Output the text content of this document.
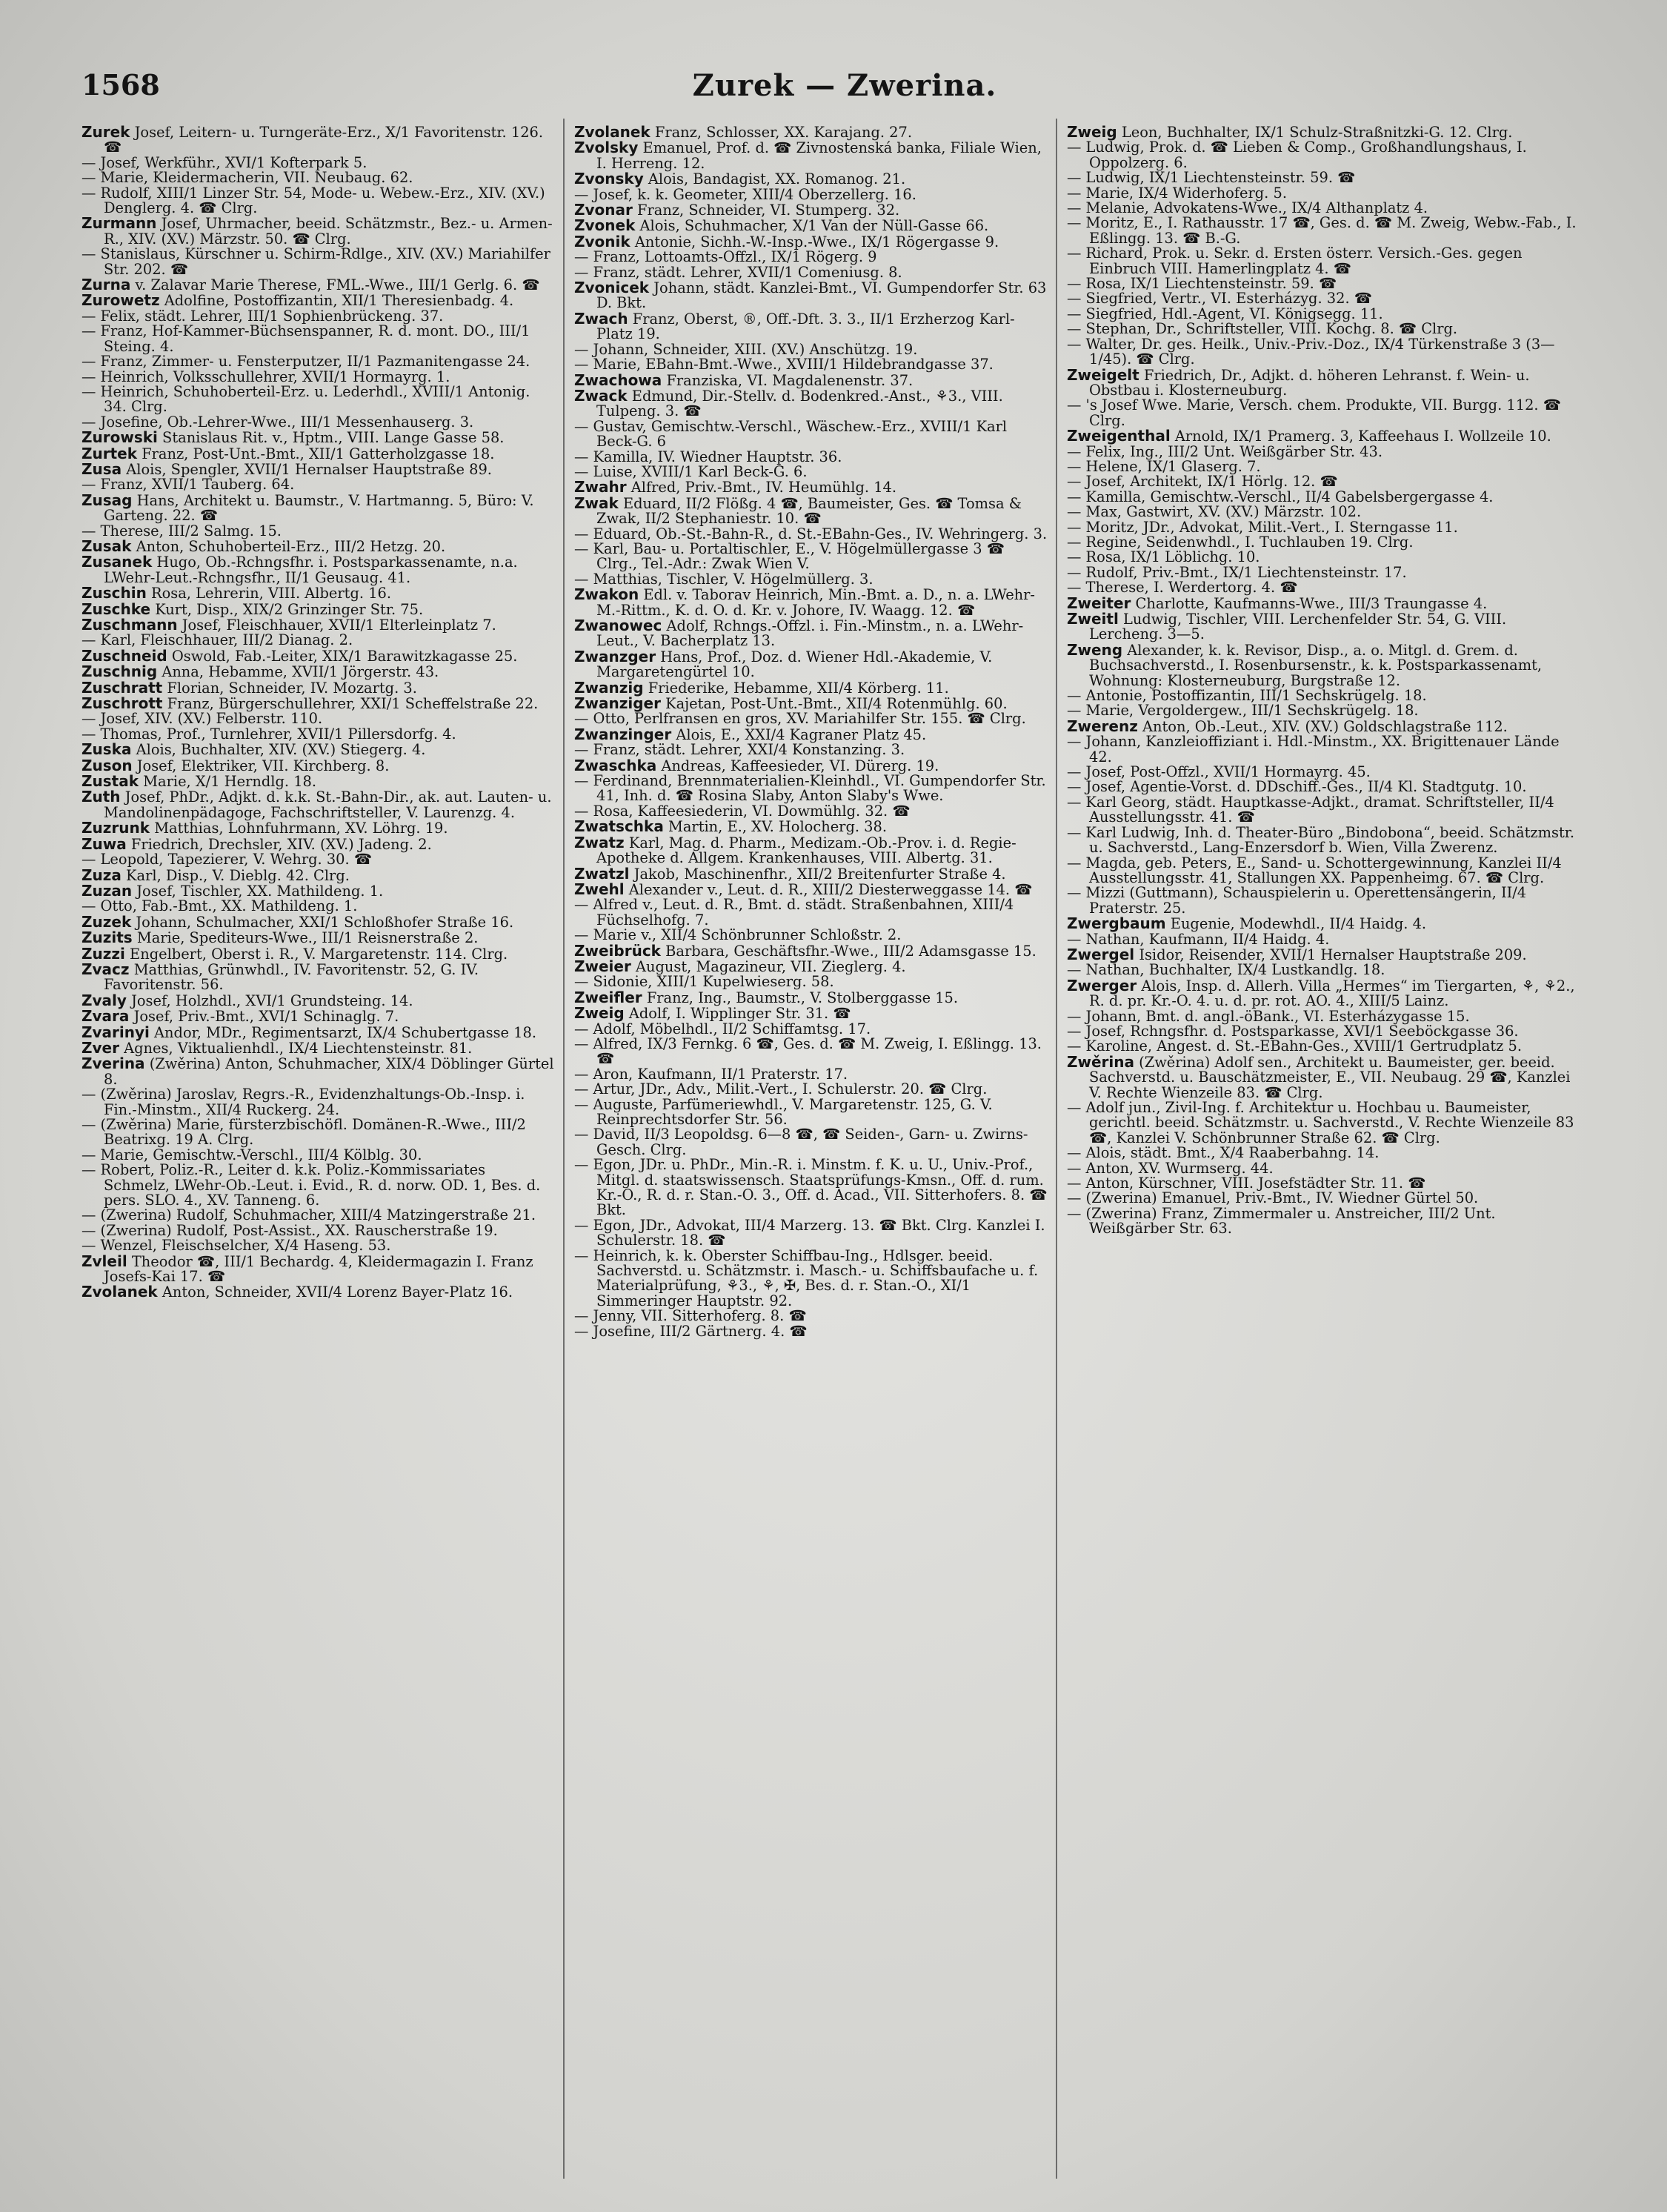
1568	Zurek — Zwerina.

Zurek Josef, Leitern- u. Turngeräte-Erz., X/1 Favoritenstr. 126. ☎

— Josef, Werkführ., XVI/1 Kofterpark 5.

— Marie, Kleidermacherin, VII. Neubaug. 62.

— Rudolf, XIII/1 Linzer Str. 54, Mode- u. Webew.-Erz., XIV. (XV.) Denglerg. 4. ☎ Clrg.

Zurmann Josef, Uhrmacher, beeid. Schätzmstr., Bez.- u. Armen-R., XIV. (XV.) Märzstr. 50. ☎ Clrg.

— Stanislaus, Kürschner u. Schirm-Rdlge., XIV. (XV.) Mariahilfer Str. 202. ☎

Zurna v. Zalavar Marie Therese, FML.-Wwe., III/1 Gerlg. 6. ☎

Zurowetz Adolfine, Postoffizantin, XII/1 Theresienbadg. 4.

— Felix, städt. Lehrer, III/1 Sophienbrückeng. 37.

— Franz, Hof-Kammer-Büchsenspanner, R. d. mont. DO., III/1 Steing. 4.

— Franz, Zimmer- u. Fensterputzer, II/1 Pazmanitengasse 24.

— Heinrich, Volksschullehrer, XVII/1 Hormayrg. 1.

— Heinrich, Schuhoberteil-Erz. u. Lederhdl., XVIII/1 Antonig. 34. Clrg.

— Josefine, Ob.-Lehrer-Wwe., III/1 Messenhauserg. 3.

Zurowski Stanislaus Rit. v., Hptm., VIII. Lange Gasse 58.

Zurtek Franz, Post-Unt.-Bmt., XII/1 Gatterholzgasse 18.

Zusa Alois, Spengler, XVII/1 Hernalser Hauptstraße 89.

— Franz, XVII/1 Tauberg. 64.

Zusag Hans, Architekt u. Baumstr., V. Hartmanng. 5, Büro: V. Garteng. 22. ☎

— Therese, III/2 Salmg. 15.

Zusak Anton, Schuhoberteil-Erz., III/2 Hetzg. 20.

Zusanek Hugo, Ob.-Rchngsfhr. i. Postsparkassenamte, n.a. LWehr-Leut.-Rchngsfhr., II/1 Geusaug. 41.

Zuschin Rosa, Lehrerin, VIII. Albertg. 16.

Zuschke Kurt, Disp., XIX/2 Grinzinger Str. 75.

Zuschmann Josef, Fleischhauer, XVII/1 Elterleinplatz 7.

— Karl, Fleischhauer, III/2 Dianag. 2.

Zuschneid Oswold, Fab.-Leiter, XIX/1 Barawitzkagasse 25.

Zuschnig Anna, Hebamme, XVII/1 Jörgerstr. 43.

Zuschratt Florian, Schneider, IV. Mozartg. 3.

Zuschrott Franz, Bürgerschullehrer, XXI/1 Scheffelstraße 22.

— Josef, XIV. (XV.) Felberstr. 110.

— Thomas, Prof., Turnlehrer, XVII/1 Pillersdorfg. 4.

Zuska Alois, Buchhalter, XIV. (XV.) Stiegerg. 4.

Zuson Josef, Elektriker, VII. Kirchberg. 8.

Zustak Marie, X/1 Herndlg. 18.

Zuth Josef, PhDr., Adjkt. d. k.k. St.-Bahn-Dir., ak. aut. Lauten- u. Mandolinenpädagoge, Fachschriftsteller, V. Laurenzg. 4.

Zuzrunk Matthias, Lohnfuhrmann, XV. Löhrg. 19.

Zuwa Friedrich, Drechsler, XIV. (XV.) Jadeng. 2.

— Leopold, Tapezierer, V. Wehrg. 30. ☎

Zuza Karl, Disp., V. Dieblg. 42. Clrg.

Zuzan Josef, Tischler, XX. Mathildeng. 1.

— Otto, Fab.-Bmt., XX. Mathildeng. 1.

Zuzek Johann, Schulmacher, XXI/1 Schloßhofer Straße 16.

Zuzits Marie, Spediteurs-Wwe., III/1 Reisnerstraße 2.

Zuzzi Engelbert, Oberst i. R., V. Margaretenstr. 114. Clrg.

Zvacz Matthias, Grünwhdl., IV. Favoritenstr. 52, G. IV. Favoritenstr. 56.

Zvaly Josef, Holzhdl., XVI/1 Grundsteing. 14.

Zvara Josef, Priv.-Bmt., XVI/1 Schinaglg. 7.

Zvarinyi Andor, MDr., Regimentsarzt, IX/4 Schubertgasse 18.

Zver Agnes, Viktualienhdl., IX/4 Liechtensteinstr. 81.

Zverina (Zwěrina) Anton, Schuhmacher, XIX/4 Döblinger Gürtel 8.

— (Zwěrina) Jaroslav, Regrs.-R., Evidenzhaltungs-Ob.-Insp. i. Fin.-Minstm., XII/4 Ruckerg. 24.

— (Zwěrina) Marie, fürsterzbischöfl. Domänen-R.-Wwe., III/2 Beatrixg. 19 A. Clrg.

— Marie, Gemischtw.-Verschl., III/4 Kölblg. 30.

— Robert, Poliz.-R., Leiter d. k.k. Poliz.-Kommissariates Schmelz, LWehr-Ob.-Leut. i. Evid., R. d. norw. OD. 1, Bes. d. pers. SLO. 4., XV. Tanneng. 6.

— (Zwerina) Rudolf, Schuhmacher, XIII/4 Matzingerstraße 21.

— (Zwerina) Rudolf, Post-Assist., XX. Rauscherstraße 19.

— Wenzel, Fleischselcher, X/4 Haseng. 53.

Zvleil Theodor ☎, III/1 Bechardg. 4, Kleidermagazin I. Franz Josefs-Kai 17. ☎

Zvolanek Anton, Schneider, XVII/4 Lorenz Bayer-Platz 16.

Zvolanek Franz, Schlosser, XX. Karajang. 27.

Zvolsky Emanuel, Prof. d. ☎ Zivnostenská banka, Filiale Wien, I. Herreng. 12.

Zvonsky Alois, Bandagist, XX. Romanog. 21.

— Josef, k. k. Geometer, XIII/4 Oberzellerg. 16.

Zvonar Franz, Schneider, VI. Stumperg. 32.

Zvonek Alois, Schuhmacher, X/1 Van der Nüll-Gasse 66.

Zvonik Antonie, Sichh.-W.-Insp.-Wwe., IX/1 Rögergasse 9.

— Franz, Lottoamts-Offzl., IX/1 Rögerg. 9

— Franz, städt. Lehrer, XVII/1 Comeniusg. 8.

Zvonicek Johann, städt. Kanzlei-Bmt., VI. Gumpendorfer Str. 63 D. Bkt.

Zwach Franz, Oberst, ®, Off.-Dft. 3. 3., II/1 Erzherzog Karl-Platz 19.

— Johann, Schneider, XIII. (XV.) Anschützg. 19.

— Marie, EBahn-Bmt.-Wwe., XVIII/1 Hildebrandgasse 37.

Zwachowa Franziska, VI. Magdalenenstr. 37.

Zwack Edmund, Dir.-Stellv. d. Bodenkred.-Anst., ⚘3., VIII. Tulpeng. 3. ☎

— Gustav, Gemischtw.-Verschl., Wäschew.-Erz., XVIII/1 Karl Beck-G. 6

— Kamilla, IV. Wiedner Hauptstr. 36.

— Luise, XVIII/1 Karl Beck-G. 6.

Zwahr Alfred, Priv.-Bmt., IV. Heumühlg. 14.

Zwak Eduard, II/2 Flößg. 4 ☎, Baumeister, Ges. ☎ Tomsa & Zwak, II/2 Stephaniestr. 10. ☎

— Eduard, Ob.-St.-Bahn-R., d. St.-EBahn-Ges., IV. Wehringerg. 3.

— Karl, Bau- u. Portaltischler, E., V. Högelmüllergasse 3 ☎ Clrg., Tel.-Adr.: Zwak Wien V.

— Matthias, Tischler, V. Högelmüllerg. 3.

Zwakon Edl. v. Taborav Heinrich, Min.-Bmt. a. D., n. a. LWehr-M.-Rittm., K. d. O. d. Kr. v. Johore, IV. Waagg. 12. ☎

Zwanowec Adolf, Rchngs.-Offzl. i. Fin.-Minstm., n. a. LWehr-Leut., V. Bacherplatz 13.

Zwanzger Hans, Prof., Doz. d. Wiener Hdl.-Akademie, V. Margaretengürtel 10.

Zwanzig Friederike, Hebamme, XII/4 Körberg. 11.

Zwanziger Kajetan, Post-Unt.-Bmt., XII/4 Rotenmühlg. 60.

— Otto, Perlfransen en gros, XV. Mariahilfer Str. 155. ☎ Clrg.

Zwanzinger Alois, E., XXI/4 Kagraner Platz 45.

— Franz, städt. Lehrer, XXI/4 Konstanzing. 3.

Zwaschka Andreas, Kaffeesieder, VI. Dürerg. 19.

— Ferdinand, Brennmaterialien-Kleinhdl., VI. Gumpendorfer Str. 41, Inh. d. ☎ Rosina Slaby, Anton Slaby's Wwe.

— Rosa, Kaffeesiederin, VI. Dowmühlg. 32. ☎

Zwatschka Martin, E., XV. Holocherg. 38.

Zwatz Karl, Mag. d. Pharm., Medizam.-Ob.-Prov. i. d. Regie-Apotheke d. Allgem. Krankenhauses, VIII. Albertg. 31.

Zwatzl Jakob, Maschinenfhr., XII/2 Breitenfurter Straße 4.

Zwehl Alexander v., Leut. d. R., XIII/2 Diesterweggasse 14. ☎

— Alfred v., Leut. d. R., Bmt. d. städt. Straßenbahnen, XIII/4 Füchselhofg. 7.

— Marie v., XII/4 Schönbrunner Schloßstr. 2.

Zweibrück Barbara, Geschäftsfhr.-Wwe., III/2 Adamsgasse 15.

Zweier August, Magazineur, VII. Zieglerg. 4.

— Sidonie, XIII/1 Kupelwieserg. 58.

Zweifler Franz, Ing., Baumstr., V. Stolberggasse 15.

Zweig Adolf, I. Wipplinger Str. 31. ☎

— Adolf, Möbelhdl., II/2 Schiffamtsg. 17.

— Alfred, IX/3 Fernkg. 6 ☎, Ges. d. ☎ M. Zweig, I. Eßlingg. 13. ☎

— Aron, Kaufmann, II/1 Praterstr. 17.

— Artur, JDr., Adv., Milit.-Vert., I. Schulerstr. 20. ☎ Clrg.

— Auguste, Parfümeriewhdl., V. Margaretenstr. 125, G. V. Reinprechtsdorfer Str. 56.

— David, II/3 Leopoldsg. 6—8 ☎, ☎ Seiden-, Garn- u. Zwirns-Gesch. Clrg.

— Egon, JDr. u. PhDr., Min.-R. i. Minstm. f. K. u. U., Univ.-Prof., Mitgl. d. staatswissensch. Staatsprüfungs-Kmsn., Off. d. rum. Kr.-O., R. d. r. Stan.-O. 3., Off. d. Acad., VII. Sitterhofers. 8. ☎ Bkt.

— Egon, JDr., Advokat, III/4 Marzerg. 13. ☎ Bkt. Clrg. Kanzlei I. Schulerstr. 18. ☎

— Heinrich, k. k. Oberster Schiffbau-Ing., Hdlsger. beeid. Sachverstd. u. Schätzmstr. i. Masch.- u. Schiffsbaufache u. f. Materialprüfung, ⚘3., ⚘, ✠, Bes. d. r. Stan.-O., XI/1 Simmeringer Hauptstr. 92.

— Jenny, VII. Sitterhoferg. 8. ☎

— Josefine, III/2 Gärtnerg. 4. ☎

Zweig Leon, Buchhalter, IX/1 Schulz-Straßnitzki-G. 12. Clrg.

— Ludwig, Prok. d. ☎ Lieben & Comp., Großhandlungshaus, I. Oppolzerg. 6.

— Ludwig, IX/1 Liechtensteinstr. 59. ☎

— Marie, IX/4 Widerhoferg. 5.

— Melanie, Advokatens-Wwe., IX/4 Althanplatz 4.

— Moritz, E., I. Rathausstr. 17 ☎, Ges. d. ☎ M. Zweig, Webw.-Fab., I. Eßlingg. 13. ☎ B.-G.

— Richard, Prok. u. Sekr. d. Ersten österr. Versich.-Ges. gegen Einbruch VIII. Hamerlingplatz 4. ☎

— Rosa, IX/1 Liechtensteinstr. 59. ☎

— Siegfried, Vertr., VI. Esterházyg. 32. ☎

— Siegfried, Hdl.-Agent, VI. Königsegg. 11.

— Stephan, Dr., Schriftsteller, VIII. Kochg. 8. ☎ Clrg.

— Walter, Dr. ges. Heilk., Univ.-Priv.-Doz., IX/4 Türkenstraße 3 (3—1/45). ☎ Clrg.

Zweigelt Friedrich, Dr., Adjkt. d. höheren Lehranst. f. Wein- u. Obstbau i. Klosterneuburg.

— 's Josef Wwe. Marie, Versch. chem. Produkte, VII. Burgg. 112. ☎ Clrg.

Zweigenthal Arnold, IX/1 Pramerg. 3, Kaffeehaus I. Wollzeile 10.

— Felix, Ing., III/2 Unt. Weißgärber Str. 43.

— Helene, IX/1 Glaserg. 7.

— Josef, Architekt, IX/1 Hörlg. 12. ☎

— Kamilla, Gemischtw.-Verschl., II/4 Gabelsbergergasse 4.

— Max, Gastwirt, XV. (XV.) Märzstr. 102.

— Moritz, JDr., Advokat, Milit.-Vert., I. Sterngasse 11.

— Regine, Seidenwhdl., I. Tuchlauben 19. Clrg.

— Rosa, IX/1 Löblichg. 10.

— Rudolf, Priv.-Bmt., IX/1 Liechtensteinstr. 17.

— Therese, I. Werdertorg. 4. ☎

Zweiter Charlotte, Kaufmanns-Wwe., III/3 Traungasse 4.

Zweitl Ludwig, Tischler, VIII. Lerchenfelder Str. 54, G. VIII. Lercheng. 3—5.

Zweng Alexander, k. k. Revisor, Disp., a. o. Mitgl. d. Grem. d. Buchsachverstd., I. Rosenbursenstr., k. k. Postsparkassenamt, Wohnung: Klosterneuburg, Burgstraße 12.

— Antonie, Postoffizantin, III/1 Sechskrügelg. 18.

— Marie, Vergoldergew., III/1 Sechskrügelg. 18.

Zwerenz Anton, Ob.-Leut., XIV. (XV.) Goldschlagstraße 112.

— Johann, Kanzleioffiziant i. Hdl.-Minstm., XX. Brigittenauer Lände 42.

— Josef, Post-Offzl., XVII/1 Hormayrg. 45.

— Josef, Agentie-Vorst. d. DDschiff.-Ges., II/4 Kl. Stadtgutg. 10.

— Karl Georg, städt. Hauptkasse-Adjkt., dramat. Schriftsteller, II/4 Ausstellungsstr. 41. ☎

— Karl Ludwig, Inh. d. Theater-Büro „Bindobona“, beeid. Schätzmstr. u. Sachverstd., Lang-Enzersdorf b. Wien, Villa Zwerenz.

— Magda, geb. Peters, E., Sand- u. Schottergewinnung, Kanzlei II/4 Ausstellungsstr. 41, Stallungen XX. Pappenheimg. 67. ☎ Clrg.

— Mizzi (Guttmann), Schauspielerin u. Operettensängerin, II/4 Praterstr. 25.

Zwergbaum Eugenie, Modewhdl., II/4 Haidg. 4.

— Nathan, Kaufmann, II/4 Haidg. 4.

Zwergel Isidor, Reisender, XVII/1 Hernalser Hauptstraße 209.

— Nathan, Buchhalter, IX/4 Lustkandlg. 18.

Zwerger Alois, Insp. d. Allerh. Villa „Hermes“ im Tiergarten, ⚘, ⚘2., R. d. pr. Kr.-O. 4. u. d. pr. rot. AO. 4., XIII/5 Lainz.

— Johann, Bmt. d. angl.-öBank., VI. Esterházygasse 15.

— Josef, Rchngsfhr. d. Postsparkasse, XVI/1 Seeböckgasse 36.

— Karoline, Angest. d. St.-EBahn-Ges., XVIII/1 Gertrudplatz 5.

Zwěrina (Zwěrina) Adolf sen., Architekt u. Baumeister, ger. beeid. Sachverstd. u. Bauschätzmeister, E., VII. Neubaug. 29 ☎, Kanzlei V. Rechte Wienzeile 83. ☎ Clrg.

— Adolf jun., Zivil-Ing. f. Architektur u. Hochbau u. Baumeister, gerichtl. beeid. Schätzmstr. u. Sachverstd., V. Rechte Wienzeile 83 ☎, Kanzlei V. Schönbrunner Straße 62. ☎ Clrg.

— Alois, städt. Bmt., X/4 Raaberbahng. 14.

— Anton, XV. Wurmserg. 44.

— Anton, Kürschner, VIII. Josefstädter Str. 11. ☎

— (Zwerina) Emanuel, Priv.-Bmt., IV. Wiedner Gürtel 50.

— (Zwerina) Franz, Zimmermaler u. Anstreicher, III/2 Unt. Weißgärber Str. 63.
